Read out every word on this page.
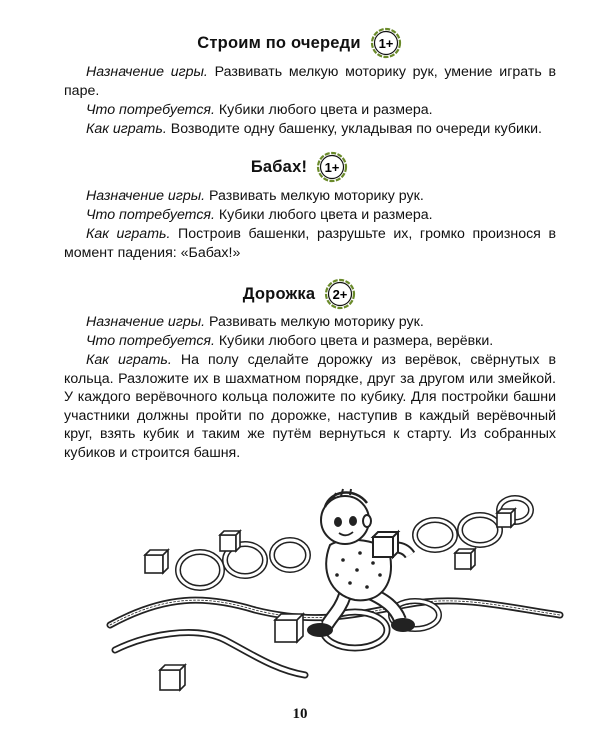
Строим по очереди 1+

Назначение игры. Развивать мелкую моторику рук, умение играть в паре.

Что потребуется. Кубики любого цвета и размера.

Как играть. Возводите одну башенку, укладывая по очереди кубики.

Бабах! 1+

Назначение игры. Развивать мелкую моторику рук.

Что потребуется. Кубики любого цвета и размера.

Как играть. Построив башенки, разрушьте их, громко произнося в момент падения: «Бабах!»

Дорожка 2+

Назначение игры. Развивать мелкую моторику рук.

Что потребуется. Кубики любого цвета и размера, верёвки.

Как играть. На полу сделайте дорожку из верёвок, свёрнутых в кольца. Разложите их в шахматном порядке, друг за другом или змейкой. У каждого верёвочного кольца положите по кубику. Для постройки башни участники должны пройти по дорожке, наступив в каждый верёвочный круг, взять кубик и таким же путём вернуться к старту. Из собранных кубиков и строится башня.

10
